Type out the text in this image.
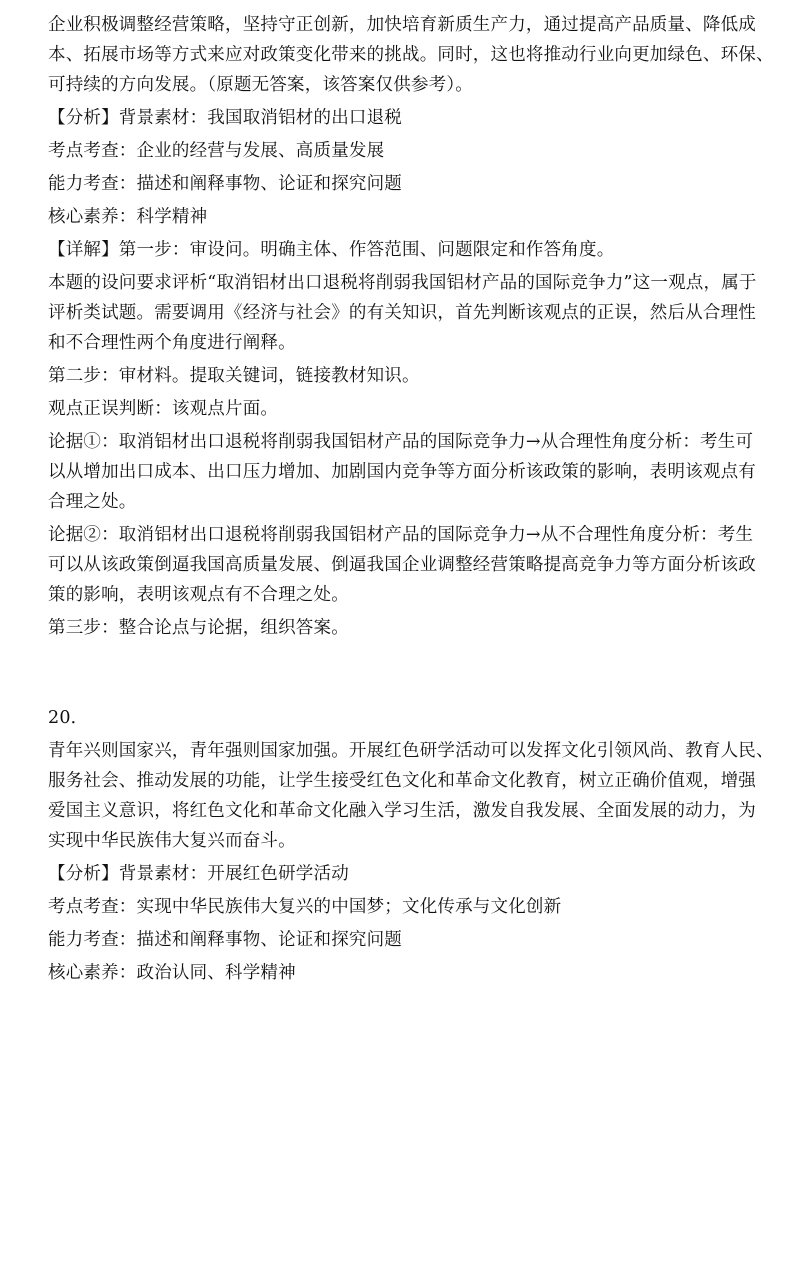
企业积极调整经营策略，坚持守正创新，加快培育新质生产力，通过提高产品质量、降低成
本、拓展市场等方式来应对政策变化带来的挑战。同时，这也将推动行业向更加绿色、环保、
可持续的方向发展。（原题无答案，该答案仅供参考）。
【分析】背景素材：我国取消铝材的出口退税
考点考查：企业的经营与发展、高质量发展
能力考查：描述和阐释事物、论证和探究问题
核心素养：科学精神
【详解】第一步：审设问。明确主体、作答范围、问题限定和作答角度。
本题的设问要求评析“取消铝材出口退税将削弱我国铝材产品的国际竞争力”这一观点，属于
评析类试题。需要调用《经济与社会》的有关知识，首先判断该观点的正误，然后从合理性
和不合理性两个角度进行阐释。
第二步：审材料。提取关键词，链接教材知识。
观点正误判断：该观点片面。
论据①：取消铝材出口退税将削弱我国铝材产品的国际竞争力→从合理性角度分析：考生可
以从增加出口成本、出口压力增加、加剧国内竞争等方面分析该政策的影响，表明该观点有
合理之处。
论据②：取消铝材出口退税将削弱我国铝材产品的国际竞争力→从不合理性角度分析：考生
可以从该政策倒逼我国高质量发展、倒逼我国企业调整经营策略提高竞争力等方面分析该政
策的影响，表明该观点有不合理之处。
第三步：整合论点与论据，组织答案。
20．
青年兴则国家兴，青年强则国家加强。开展红色研学活动可以发挥文化引领风尚、教育人民、
服务社会、推动发展的功能，让学生接受红色文化和革命文化教育，树立正确价值观，增强
爱国主义意识，将红色文化和革命文化融入学习生活，激发自我发展、全面发展的动力，为
实现中华民族伟大复兴而奋斗。
【分析】背景素材：开展红色研学活动
考点考查：实现中华民族伟大复兴的中国梦；文化传承与文化创新
能力考查：描述和阐释事物、论证和探究问题
核心素养：政治认同、科学精神
